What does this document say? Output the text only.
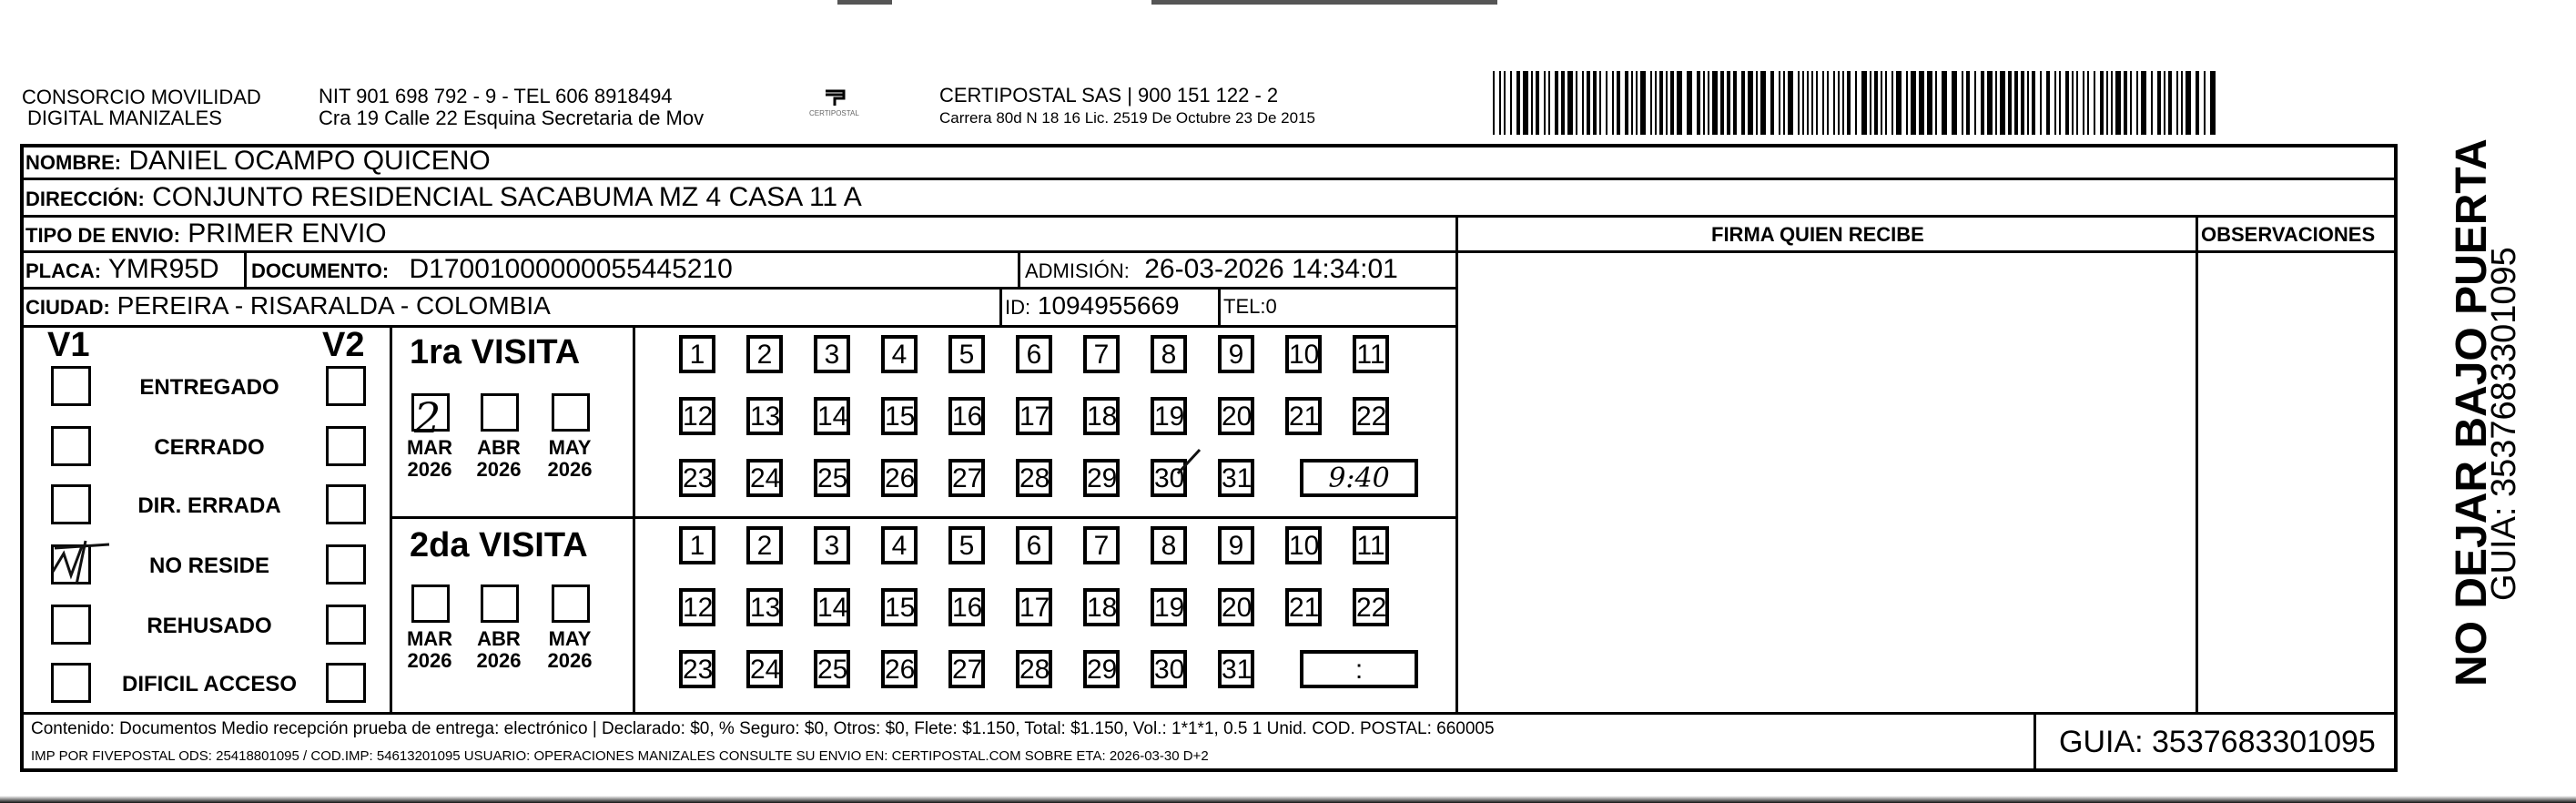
CONSORCIO MOVILIDAD
DIGITAL MANIZALES
NIT 901 698 792 - 9 - TEL 606 8918494
Cra 19 Calle 22 Esquina Secretaria de Mov	CERTIPOSTAL
CERTIPOSTAL SAS | 900 151 122 - 2
Carrera 80d N 18 16 Lic. 2519 De Octubre 23 De 2015
NOMBRE: DANIEL OCAMPO QUICENO
DIRECCIÓN: CONJUNTO RESIDENCIAL SACABUMA MZ 4 CASA 11 A
TIPO DE ENVIO: PRIMER ENVIO
PLACA: YMR95D DOCUMENTO: D17001000000055445210	ADMISIÓN: 26-03-2026 14:34:01
CIUDAD: PEREIRA - RISARALDA - COLOMBIA	ID: 1094955669 TEL:0
FIRMA QUIEN RECIBE	OBSERVACIONES
V1	V2
ENTREGADO
CERRADO
DIR. ERRADA
NO RESIDE
REHUSADO
DIFICIL ACCESO
1ra VISITA
2da VISITA
MAR
2026
ABR
2026
MAY
2026
1	2	3	4	5	6	7	8	9	10 11
12 13 14 15 16 17 18 19 20 21 22
23 24 25 26 27 28 29 30 31	9:40
MAR
2026
ABR
2026
MAY
2026
1	2	3	4	5	6	7	8	9	10 11
12 13 14 15 16 17 18 19 20 21 22
23 24 25 26 27 28 29 30 31	:
2	NO DEJAR BAJO PUERTA
GUIA: 3537683301095
Contenido: Documentos Medio recepción prueba de entrega: electrónico | Declarado: $0, % Seguro: $0, Otros: $0, Flete: $1.150, Total: $1.150, Vol.: 1*1*1, 0.5 1 Unid. COD. POSTAL: 660005
IMP POR FIVEPOSTAL ODS: 25418801095 / COD.IMP: 54613201095 USUARIO: OPERACIONES MANIZALES CONSULTE SU ENVIO EN: CERTIPOSTAL.COM SOBRE ETA: 2026-03-30 D+2	GUIA: 3537683301095
